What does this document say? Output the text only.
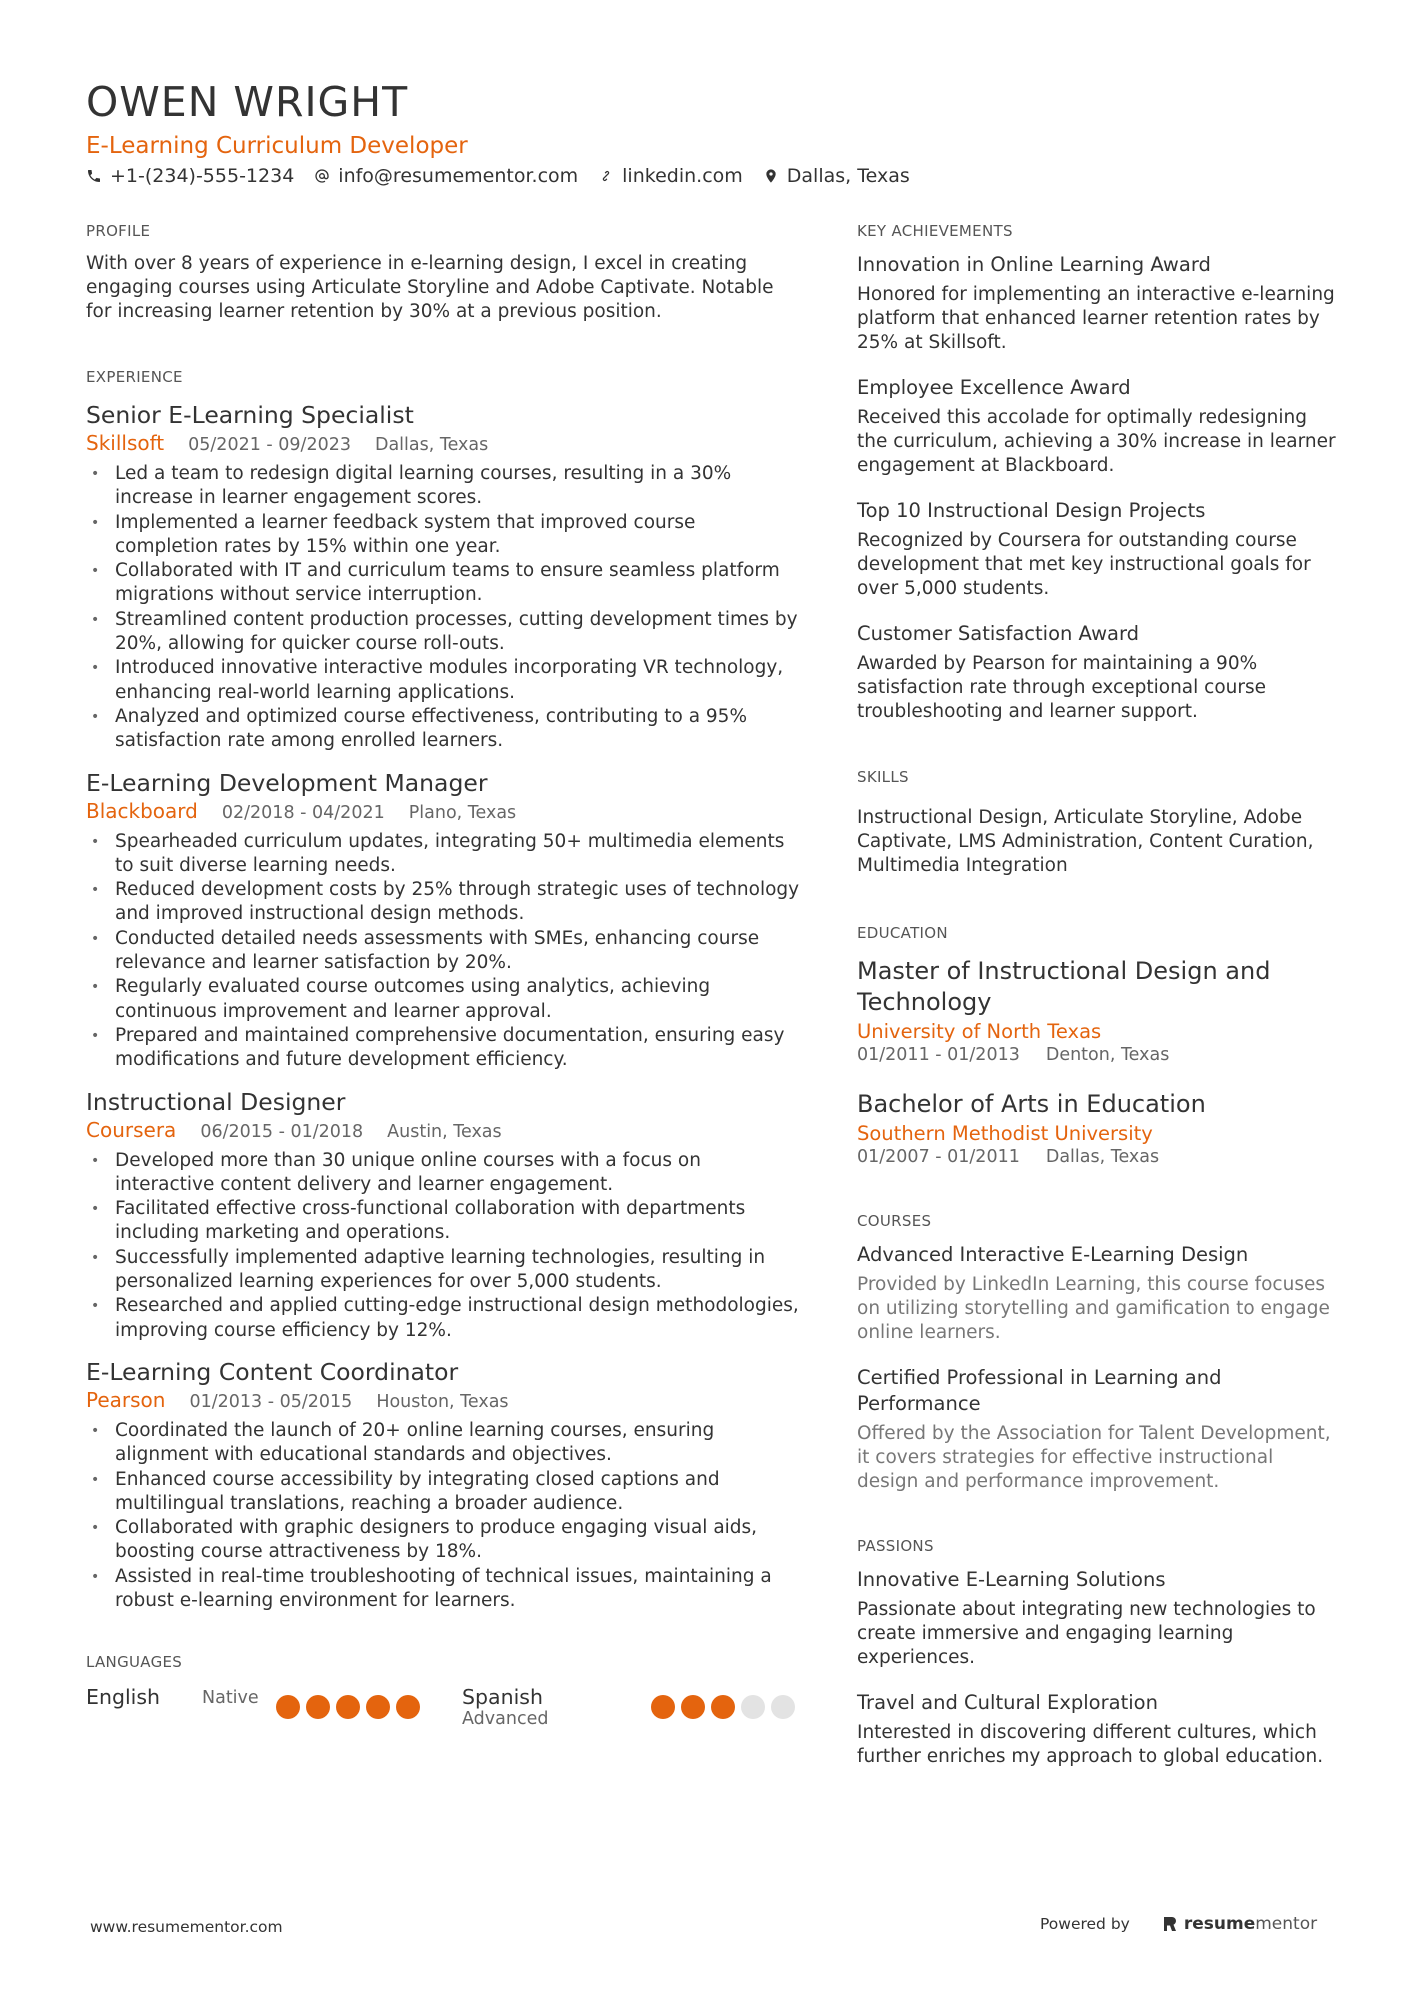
OWEN WRIGHT
E-Learning Curriculum Developer
+1-(234)-555-1234 info@resumementor.com linkedin.com Dallas, Texas
PROFILE

With over 8 years of experience in e-learning design, I excel in creating engaging courses using Articulate Storyline and Adobe Captivate. Notable for increasing learner retention by 30% at a previous position.

EXPERIENCE
Senior E-Learning Specialist
Skillsoft 05/2021 - 09/2023 Dallas, Texas
• Led a team to redesign digital learning courses, resulting in a 30% increase in learner engagement scores.
• Implemented a learner feedback system that improved course completion rates by 15% within one year.
• Collaborated with IT and curriculum teams to ensure seamless platform migrations without service interruption.
• Streamlined content production processes, cutting development times by 20%, allowing for quicker course roll-outs.
• Introduced innovative interactive modules incorporating VR technology, enhancing real-world learning applications.
• Analyzed and optimized course effectiveness, contributing to a 95% satisfaction rate among enrolled learners.
E-Learning Development Manager
Blackboard 02/2018 - 04/2021 Plano, Texas
• Spearheaded curriculum updates, integrating 50+ multimedia elements to suit diverse learning needs.
• Reduced development costs by 25% through strategic uses of technology and improved instructional design methods.
• Conducted detailed needs assessments with SMEs, enhancing course relevance and learner satisfaction by 20%.
• Regularly evaluated course outcomes using analytics, achieving continuous improvement and learner approval.
• Prepared and maintained comprehensive documentation, ensuring easy modifications and future development efficiency.
Instructional Designer
Coursera 06/2015 - 01/2018 Austin, Texas
• Developed more than 30 unique online courses with a focus on interactive content delivery and learner engagement.
• Facilitated effective cross-functional collaboration with departments including marketing and operations.
• Successfully implemented adaptive learning technologies, resulting in personalized learning experiences for over 5,000 students.
• Researched and applied cutting-edge instructional design methodologies, improving course efficiency by 12%.
E-Learning Content Coordinator
Pearson 01/2013 - 05/2015 Houston, Texas
• Coordinated the launch of 20+ online learning courses, ensuring alignment with educational standards and objectives.
• Enhanced course accessibility by integrating closed captions and multilingual translations, reaching a broader audience.
• Collaborated with graphic designers to produce engaging visual aids, boosting course attractiveness by 18%.
• Assisted in real-time troubleshooting of technical issues, maintaining a robust e-learning environment for learners.
LANGUAGES
English Native	Spanish
Advanced
KEY ACHIEVEMENTS
Innovation in Online Learning Award

Honored for implementing an interactive e-learning platform that enhanced learner retention rates by 25% at Skillsoft.

Employee Excellence Award

Received this accolade for optimally redesigning the curriculum, achieving a 30% increase in learner engagement at Blackboard.

Top 10 Instructional Design Projects

Recognized by Coursera for outstanding course development that met key instructional goals for over 5,000 students.

Customer Satisfaction Award

Awarded by Pearson for maintaining a 90% satisfaction rate through exceptional course troubleshooting and learner support.

SKILLS

Instructional Design, Articulate Storyline, Adobe Captivate, LMS Administration, Content Curation, Multimedia Integration

EDUCATION
Master of Instructional Design and Technology
University of North Texas
01/2011 - 01/2013 Denton, Texas
Bachelor of Arts in Education
Southern Methodist University
01/2007 - 01/2011 Dallas, Texas
COURSES
Advanced Interactive E-Learning Design

Provided by LinkedIn Learning, this course focuses on utilizing storytelling and gamification to engage online learners.

Certified Professional in Learning and Performance

Offered by the Association for Talent Development, it covers strategies for effective instructional design and performance improvement.

PASSIONS
Innovative E-Learning Solutions

Passionate about integrating new technologies to create immersive and engaging learning experiences.

Travel and Cultural Exploration

Interested in discovering different cultures, which further enriches my approach to global education.

www.resumementor.com	Powered by	resume mentor
